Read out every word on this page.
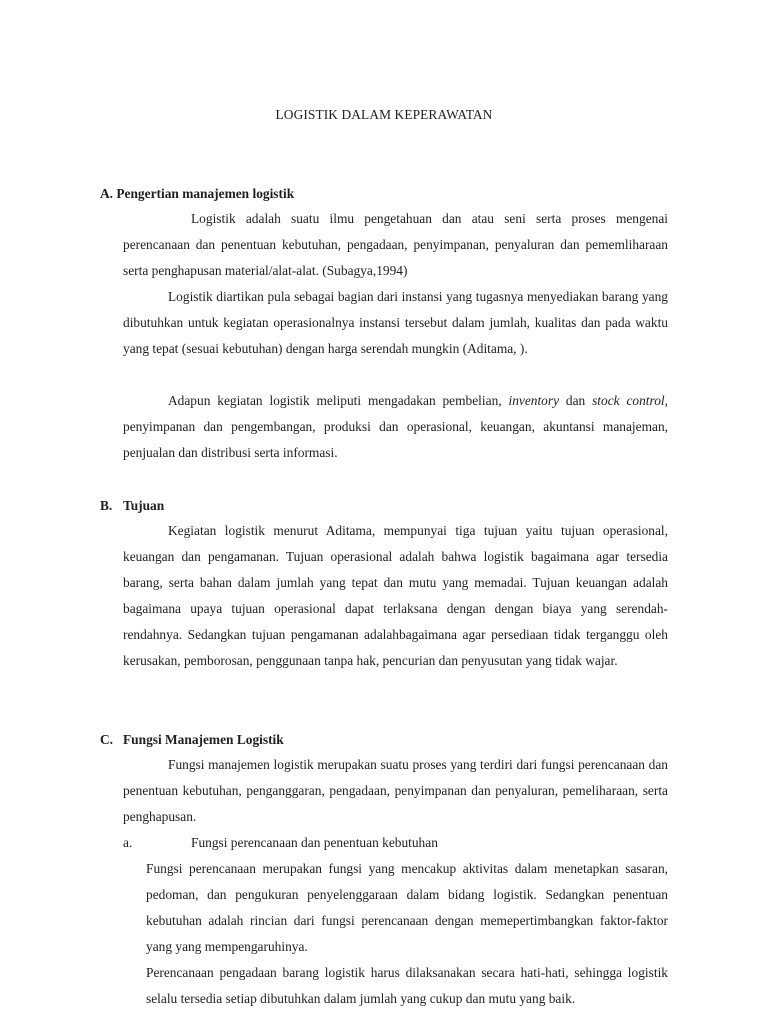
LOGISTIK DALAM KEPERAWATAN
A. Pengertian manajemen logistik

Logistik adalah suatu ilmu pengetahuan dan atau seni serta proses mengenai perencanaan dan penentuan kebutuhan, pengadaan, penyimpanan, penyaluran dan pememliharaan serta penghapusan material/alat-alat. (Subagya,1994)

Logistik diartikan pula sebagai bagian dari instansi yang tugasnya menyediakan barang yang dibutuhkan untuk kegiatan operasionalnya instansi tersebut dalam jumlah, kualitas dan pada waktu yang tepat (sesuai kebutuhan) dengan harga serendah mungkin (Aditama, ).

Adapun kegiatan logistik meliputi mengadakan pembelian, inventory dan stock control, penyimpanan dan pengembangan, produksi dan operasional, keuangan, akuntansi manajeman, penjualan dan distribusi serta informasi.

B. Tujuan

Kegiatan logistik menurut Aditama, mempunyai tiga tujuan yaitu tujuan operasional, keuangan dan pengamanan. Tujuan operasional adalah bahwa logistik bagaimana agar tersedia barang, serta bahan dalam jumlah yang tepat dan mutu yang memadai. Tujuan keuangan adalah bagaimana upaya tujuan operasional dapat terlaksana dengan dengan biaya yang serendah-rendahnya. Sedangkan tujuan pengamanan adalahbagaimana agar persediaan tidak terganggu oleh kerusakan, pemborosan, penggunaan tanpa hak, pencurian dan penyusutan yang tidak wajar.

C. Fungsi Manajemen Logistik

Fungsi manajemen logistik merupakan suatu proses yang terdiri dari fungsi perencanaan dan penentuan kebutuhan, penganggaran, pengadaan, penyimpanan dan penyaluran, pemeliharaan, serta penghapusan.

a.	Fungsi perencanaan dan penentuan kebutuhan

Fungsi perencanaan merupakan fungsi yang mencakup aktivitas dalam menetapkan sasaran, pedoman, dan pengukuran penyelenggaraan dalam bidang logistik. Sedangkan penentuan kebutuhan adalah rincian dari fungsi perencanaan dengan memepertimbangkan faktor-faktor yang yang mempengaruhinya.

Perencanaan pengadaan barang logistik harus dilaksanakan secara hati-hati, sehingga logistik selalu tersedia setiap dibutuhkan dalam jumlah yang cukup dan mutu yang baik.
